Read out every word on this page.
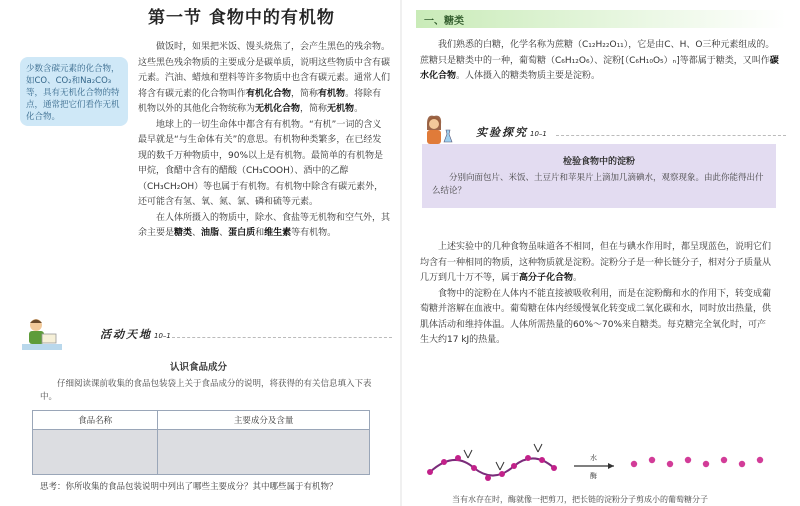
第一节 食物中的有机物
少数含碳元素的化合物，如CO、CO₂和Na₂CO₃等，具有无机化合物的特点，通常把它们看作无机化合物。

做饭时，如果把米饭、馒头烧焦了，会产生黑色的残余物。这些黑色残余物质的主要成分是碳单质，说明这些物质中含有碳元素。汽油、蜡烛和塑料等许多物质中也含有碳元素。通常人们将含有碳元素的化合物叫作有机化合物，简称有机物。将除有机物以外的其他化合物统称为无机化合物，简称无机物。

地球上的一切生命体中都含有有机物。“有机”一词的含义最早就是“与生命体有关”的意思。有机物种类繁多，在已经发现的数千万种物质中，90%以上是有机物。最简单的有机物是甲烷，食醋中含有的醋酸（CH₃COOH）、酒中的乙醇（CH₃CH₂OH）等也属于有机物。有机物中除含有碳元素外，还可能含有氢、氧、氮、氯、磷和硫等元素。

在人体所摄入的物质中，除水、食盐等无机物和空气外，其余主要是糖类、油脂、蛋白质和维生素等有机物。

活动天地 10–1
认识食品成分
仔细阅读课前收集的食品包装袋上关于食品成分的说明，将获得的有关信息填入下表中。
食品名称	主要成分及含量

思考：你所收集的食品包装说明中列出了哪些主要成分？其中哪些属于有机物？
一、糖类

我们熟悉的白糖，化学名称为蔗糖（C₁₂H₂₂O₁₁），它是由C、H、O三种元素组成的。蔗糖只是糖类中的一种，葡萄糖（C₆H₁₂O₆）、淀粉[（C₆H₁₀O₅）ₙ]等都属于糖类，又叫作碳水化合物。人体摄入的糖类物质主要是淀粉。

实验探究 10–1
检验食物中的淀粉
分别向面包片、米饭、土豆片和苹果片上滴加几滴碘水，观察现象。由此你能得出什么结论？

上述实验中的几种食物虽味道各不相同，但在与碘水作用时，都呈现蓝色，说明它们均含有一种相同的物质，这种物质就是淀粉。淀粉分子是一种长链分子，相对分子质量从几万到几十万不等，属于高分子化合物。

食物中的淀粉在人体内不能直接被吸收利用，而是在淀粉酶和水的作用下，转变成葡萄糖并溶解在血液中。葡萄糖在体内经缓慢氧化转变成二氧化碳和水，同时放出热量，供肌体活动和维持体温。人体所需热量的60%～70%来自糖类。每克糖完全氧化时，可产生大约17 kJ的热量。

水
酶
当有水存在时，酶就像一把剪刀，把长链的淀粉分子剪成小的葡萄糖分子
